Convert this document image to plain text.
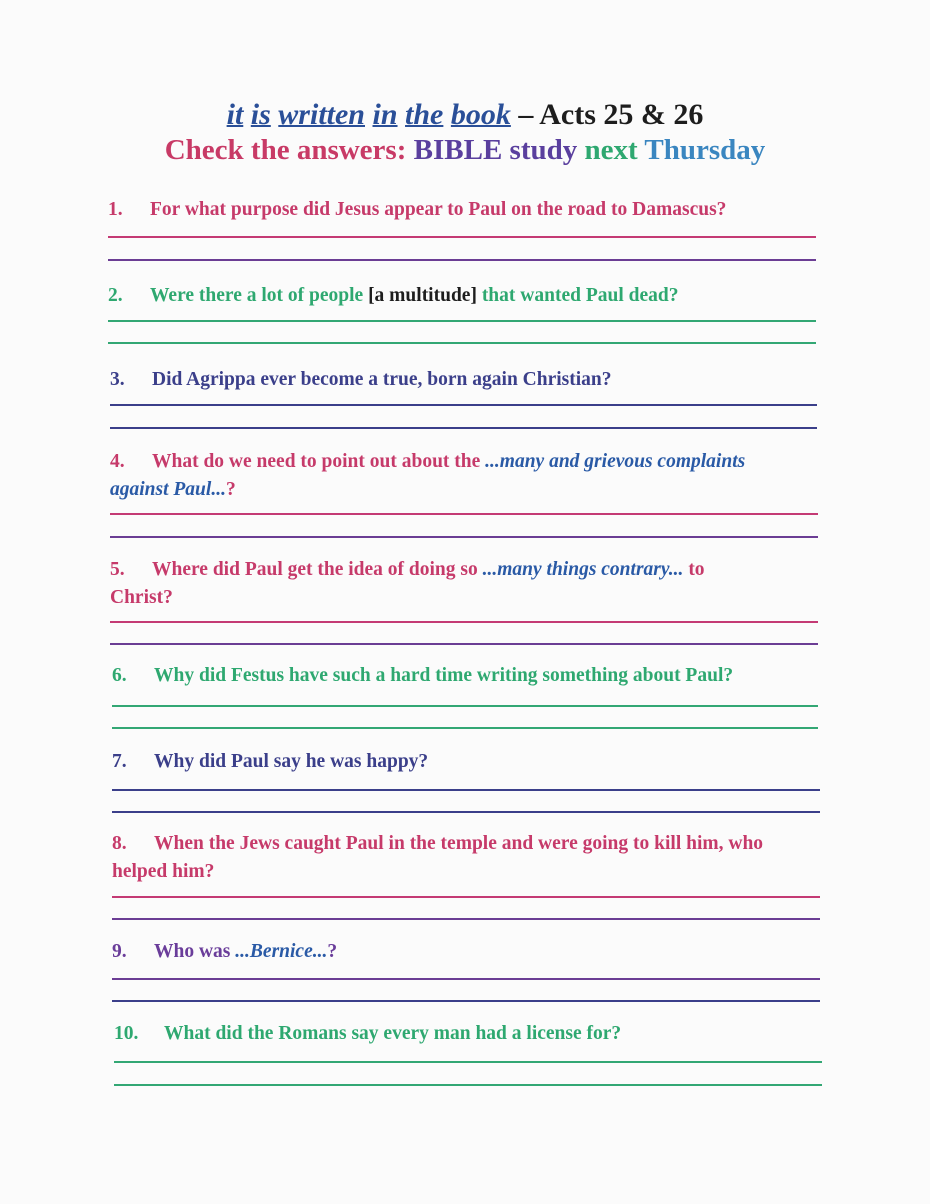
it is written in the book – Acts 25 & 26
Check the answers: BIBLE study next Thursday
1. For what purpose did Jesus appear to Paul on the road to Damascus?
2. Were there a lot of people [a multitude] that wanted Paul dead?
3. Did Agrippa ever become a true, born again Christian?
4. What do we need to point out about the ...many and grievous complaints
against Paul...?
5. Where did Paul get the idea of doing so ...many things contrary... to
Christ?
6. Why did Festus have such a hard time writing something about Paul?
7. Why did Paul say he was happy?
8. When the Jews caught Paul in the temple and were going to kill him, who
helped him?
9. Who was ...Bernice...?
10. What did the Romans say every man had a license for?
